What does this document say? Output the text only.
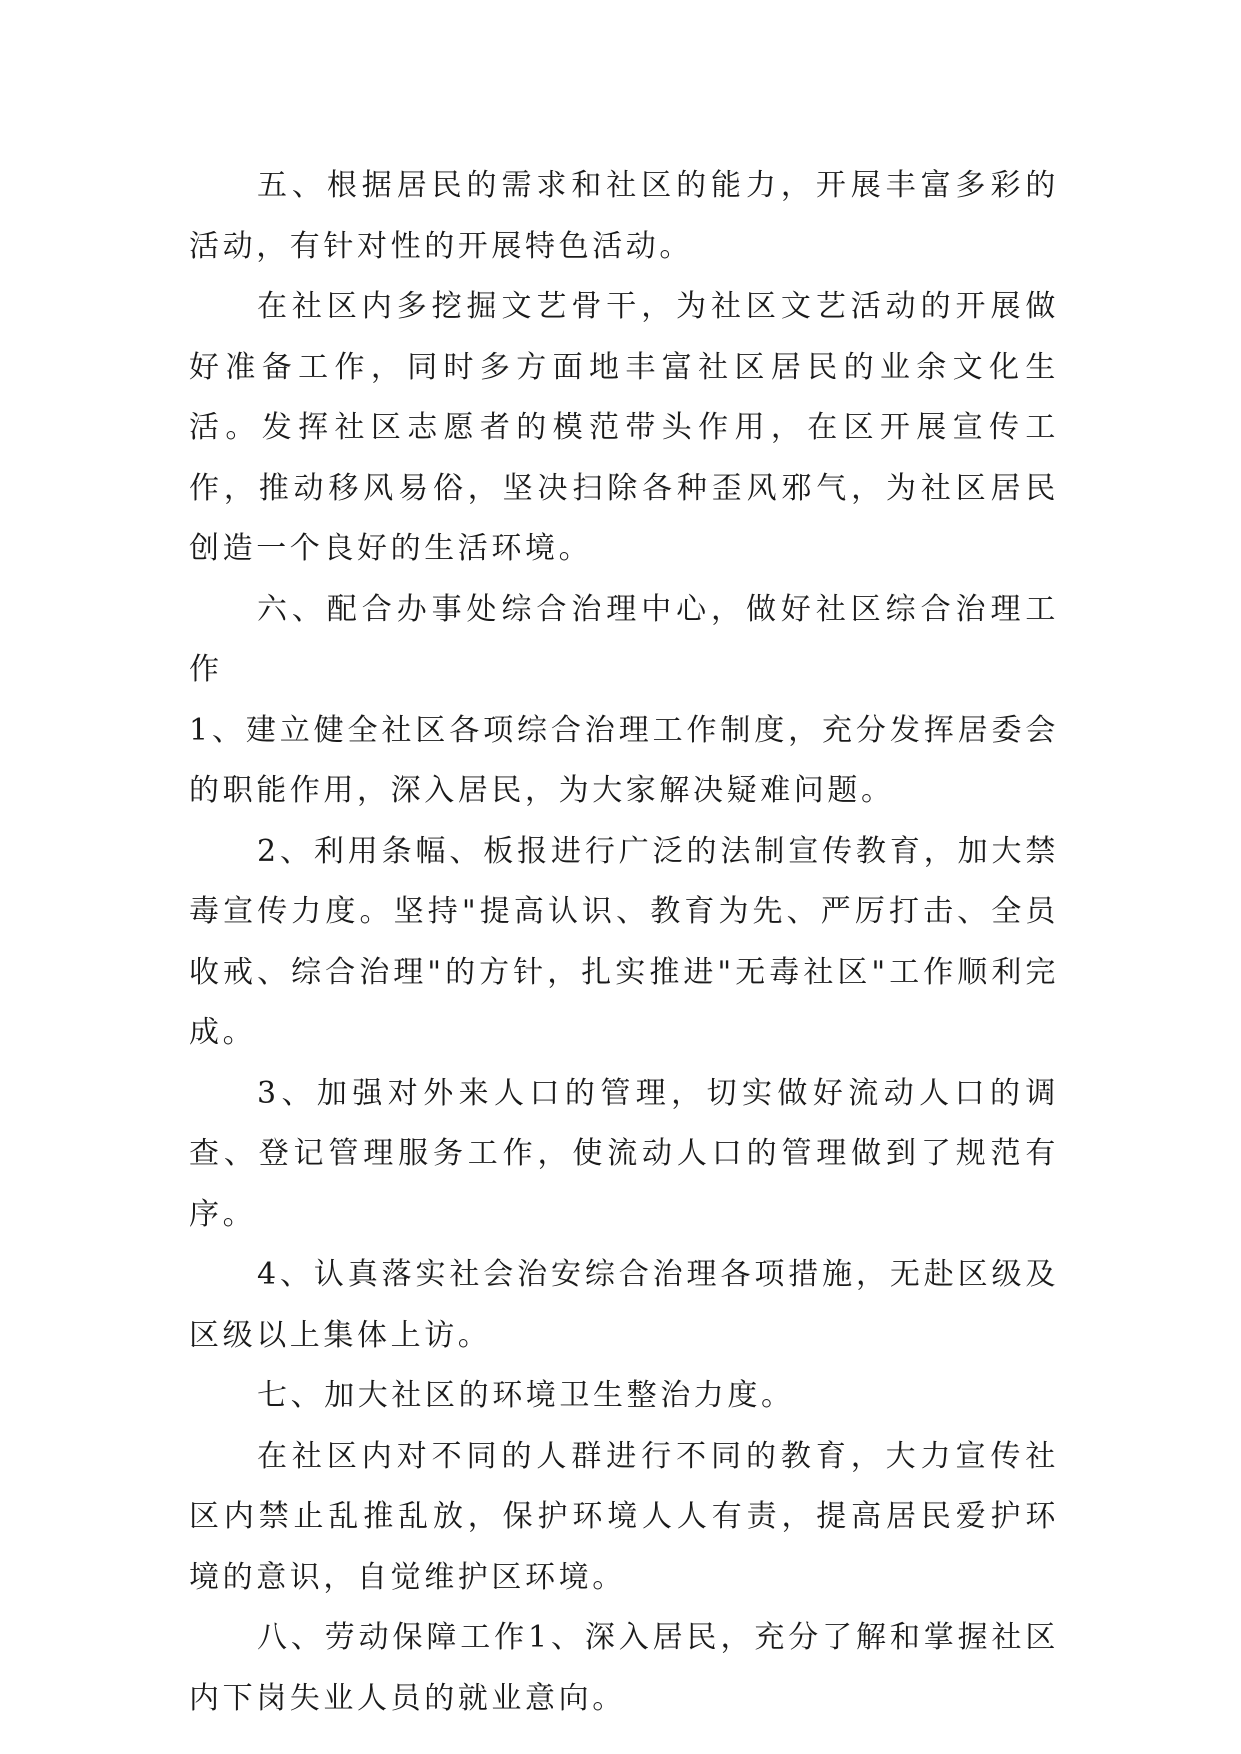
五、根据居民的需求和社区的能力，开展丰富多彩的活动，有针对性的开展特色活动。

在社区内多挖掘文艺骨干，为社区文艺活动的开展做好准备工作，同时多方面地丰富社区居民的业余文化生活。发挥社区志愿者的模范带头作用，在区开展宣传工作，推动移风易俗，坚决扫除各种歪风邪气，为社区居民创造一个良好的生活环境。

六、配合办事处综合治理中心，做好社区综合治理工作

1、建立健全社区各项综合治理工作制度，充分发挥居委会的职能作用，深入居民，为大家解决疑难问题。

2、利用条幅、板报进行广泛的法制宣传教育，加大禁毒宣传力度。坚持"提高认识、教育为先、严厉打击、全员收戒、综合治理"的方针，扎实推进"无毒社区"工作顺利完成。

3、加强对外来人口的管理，切实做好流动人口的调查、登记管理服务工作，使流动人口的管理做到了规范有序。

4、认真落实社会治安综合治理各项措施，无赴区级及区级以上集体上访。

七、加大社区的环境卫生整治力度。

在社区内对不同的人群进行不同的教育，大力宣传社区内禁止乱推乱放，保护环境人人有责，提高居民爱护环境的意识，自觉维护区环境。

八、劳动保障工作1、深入居民，充分了解和掌握社区内下岗失业人员的就业意向。
